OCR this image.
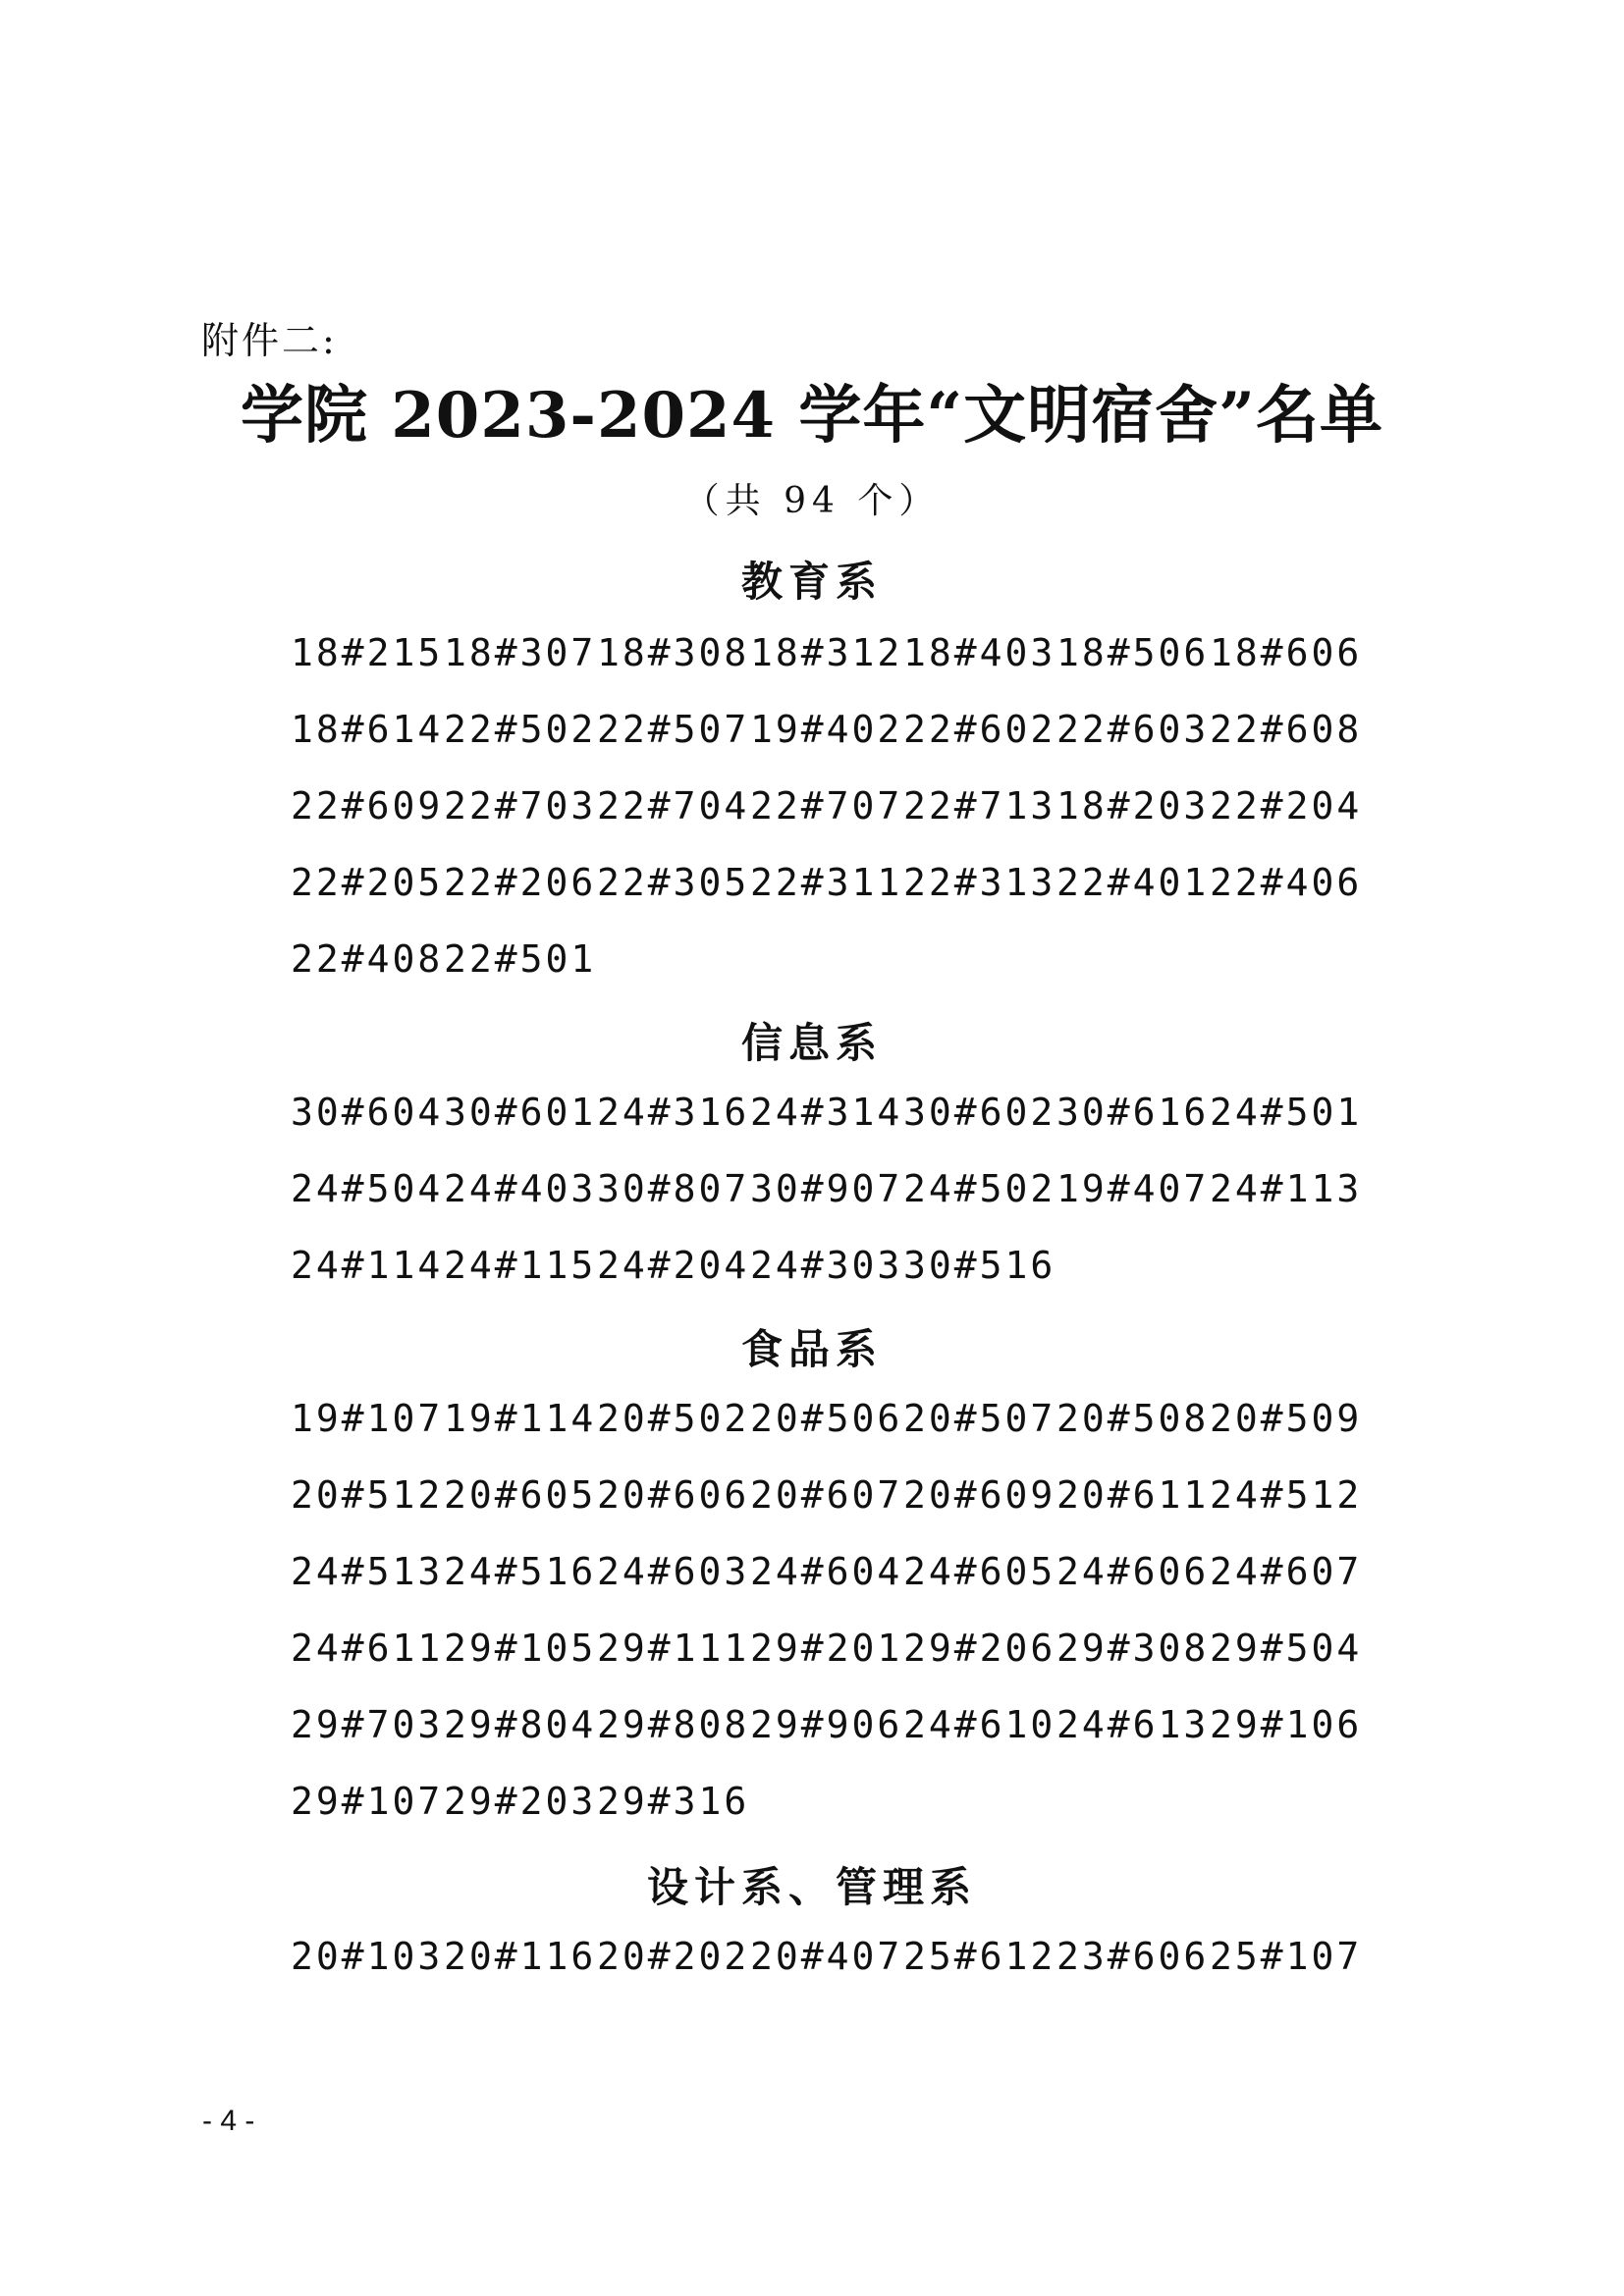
附件二:
学院 2023-2024 学年“文明宿舍”名单
（共 94 个）
教育系
18#215 18#307 18#308 18#312 18#403 18#506 18#606
18#614 22#502 22#507 19#402 22#602 22#603 22#608
22#609 22#703 22#704 22#707 22#713 18#203 22#204
22#205 22#206 22#305 22#311 22#313 22#401 22#406
22#408 22#501
信息系
30#604 30#601 24#316 24#314 30#602 30#616 24#501
24#504 24#403 30#807 30#907 24#502 19#407 24#113
24#114 24#115 24#204 24#303 30#516
食品系
19#107 19#114 20#502 20#506 20#507 20#508 20#509
20#512 20#605 20#606 20#607 20#609 20#611 24#512
24#513 24#516 24#603 24#604 24#605 24#606 24#607
24#611 29#105 29#111 29#201 29#206 29#308 29#504
29#703 29#804 29#808 29#906 24#610 24#613 29#106
29#107 29#203 29#316
设计系、管理系
20#103 20#116 20#202 20#407 25#612 23#606 25#107
- 4 -
